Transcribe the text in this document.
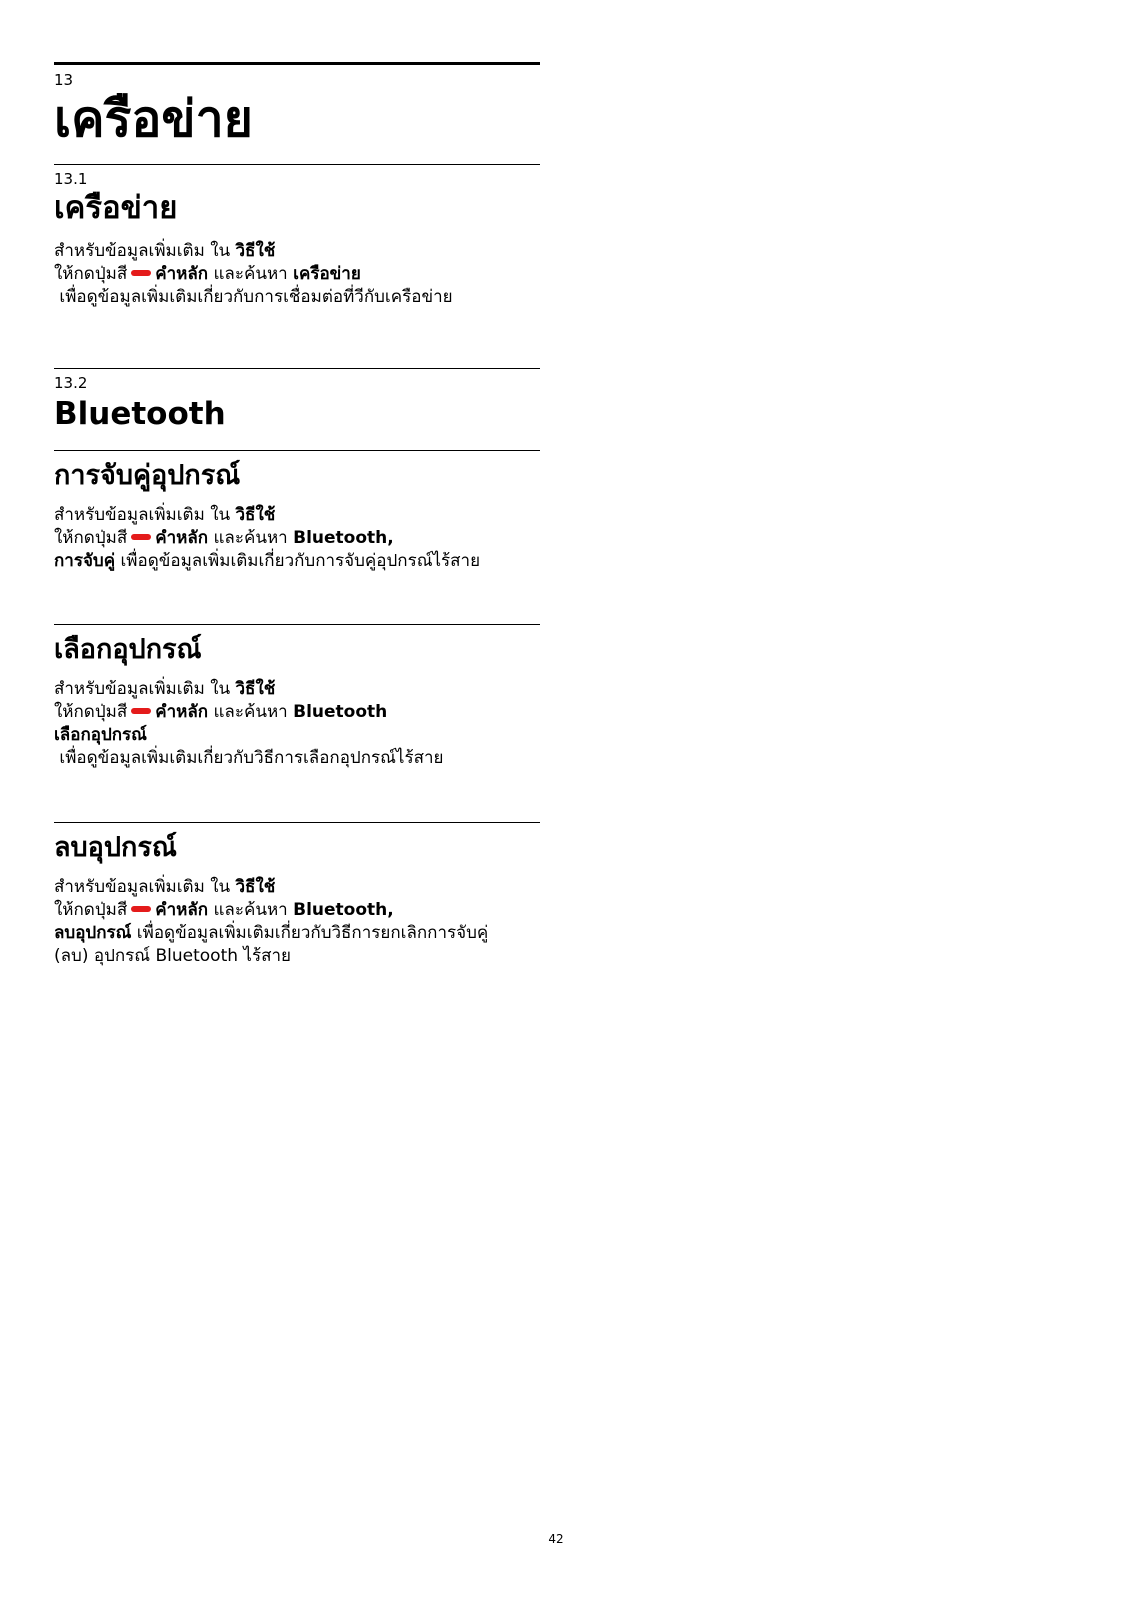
13
เครือข่าย
13.1
เครือข่าย
สำหรับข้อมูลเพิ่มเติม ใน วิธีใช้
ให้กดปุ่มสี คำหลัก และค้นหา เครือข่าย
เพื่อดูข้อมูลเพิ่มเติมเกี่ยวกับการเชื่อมต่อที่วีกับเครือข่าย
13.2
Bluetooth
การจับคู่อุปกรณ์
สำหรับข้อมูลเพิ่มเติม ใน วิธีใช้
ให้กดปุ่มสี คำหลัก และค้นหา Bluetooth,
การจับคู่ เพื่อดูข้อมูลเพิ่มเติมเกี่ยวกับการจับคู่อุปกรณ์ไร้สาย
เลือกอุปกรณ์
สำหรับข้อมูลเพิ่มเติม ใน วิธีใช้
ให้กดปุ่มสี คำหลัก และค้นหา Bluetooth
เลือกอุปกรณ์
เพื่อดูข้อมูลเพิ่มเติมเกี่ยวกับวิธีการเลือกอุปกรณ์ไร้สาย
ลบอุปกรณ์
สำหรับข้อมูลเพิ่มเติม ใน วิธีใช้
ให้กดปุ่มสี คำหลัก และค้นหา Bluetooth,
ลบอุปกรณ์ เพื่อดูข้อมูลเพิ่มเติมเกี่ยวกับวิธีการยกเลิกการจับคู่
(ลบ) อุปกรณ์ Bluetooth ไร้สาย
42
